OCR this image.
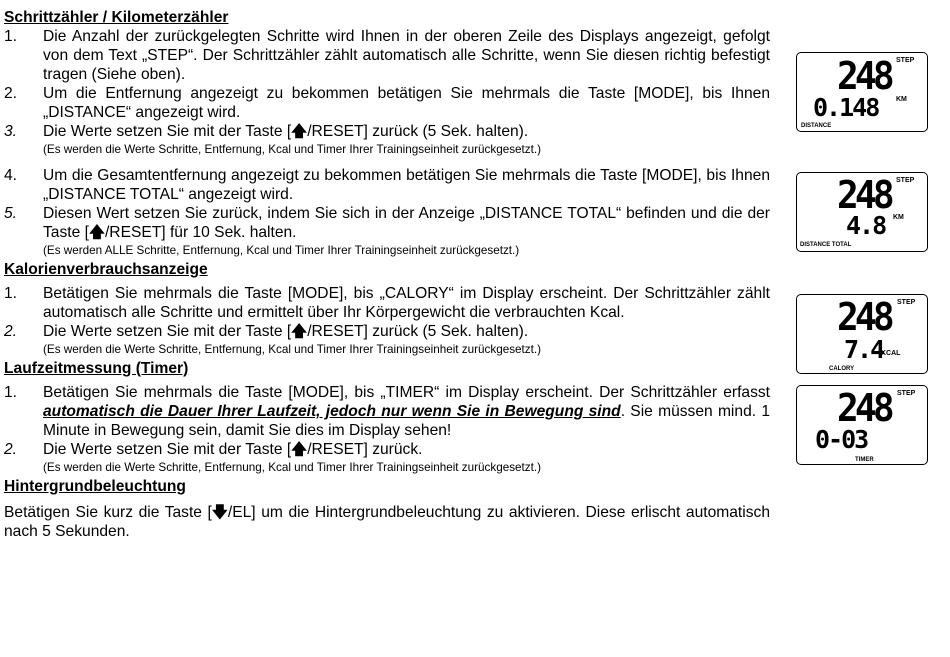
Schrittzähler / Kilometerzähler

1.	Die Anzahl der zurückgelegten Schritte wird Ihnen in der oberen Zeile des Displays angezeigt, gefolgt von dem Text „STEP“. Der Schrittzähler zählt automatisch alle Schritte, wenn Sie diesen richtig befestigt tragen (Siehe oben).
2.	Um die Entfernung angezeigt zu bekommen betätigen Sie mehrmals die Taste [MODE], bis Ihnen „DISTANCE“ angezeigt wird.
3.	Die Werte setzen Sie mit der Taste [🡅/RESET] zurück (5 Sek. halten).
(Es werden die Werte Schritte, Entfernung, Kcal und Timer Ihrer Trainingseinheit zurückgesetzt.)
4.	Um die Gesamtentfernung angezeigt zu bekommen betätigen Sie mehrmals die Taste [MODE], bis Ihnen „DISTANCE TOTAL“ angezeigt wird.
5.	Diesen Wert setzen Sie zurück, indem Sie sich in der Anzeige „DISTANCE TOTAL“ befinden und die der Taste [🡅/RESET] für 10 Sek. halten.
(Es werden ALLE Schritte, Entfernung, Kcal und Timer Ihrer Trainingseinheit zurückgesetzt.)

Kalorienverbrauchsanzeige

1.	Betätigen Sie mehrmals die Taste [MODE], bis „CALORY“ im Display erscheint. Der Schrittzähler zählt automatisch alle Schritte und ermittelt über Ihr Körpergewicht die verbrauchten Kcal.
2.	Die Werte setzen Sie mit der Taste [🡅/RESET] zurück (5 Sek. halten).
(Es werden die Werte Schritte, Entfernung, Kcal und Timer Ihrer Trainingseinheit zurückgesetzt.)

Laufzeitmessung (Timer)

1.	Betätigen Sie mehrmals die Taste [MODE], bis „TIMER“ im Display erscheint. Der Schrittzähler erfasst automatisch die Dauer Ihrer Laufzeit, jedoch nur wenn Sie in Bewegung sind. Sie müssen mind. 1 Minute in Bewegung sein, damit Sie dies im Display sehen!
2.	Die Werte setzen Sie mit der Taste [🡅/RESET] zurück.
(Es werden die Werte Schritte, Entfernung, Kcal und Timer Ihrer Trainingseinheit zurückgesetzt.)

Hintergrundbeleuchtung

Betätigen Sie kurz die Taste [🡇/EL] um die Hintergrundbeleuchtung zu aktivieren. Diese erlischt automatisch nach 5 Sekunden.

248 STEP
0.148	KM
DISTANCE
248 STEP
4.8 KM
DISTANCE TOTAL
248 STEP
7.4
KCAL
CALORY
248 STEP
0-03
TIMER
